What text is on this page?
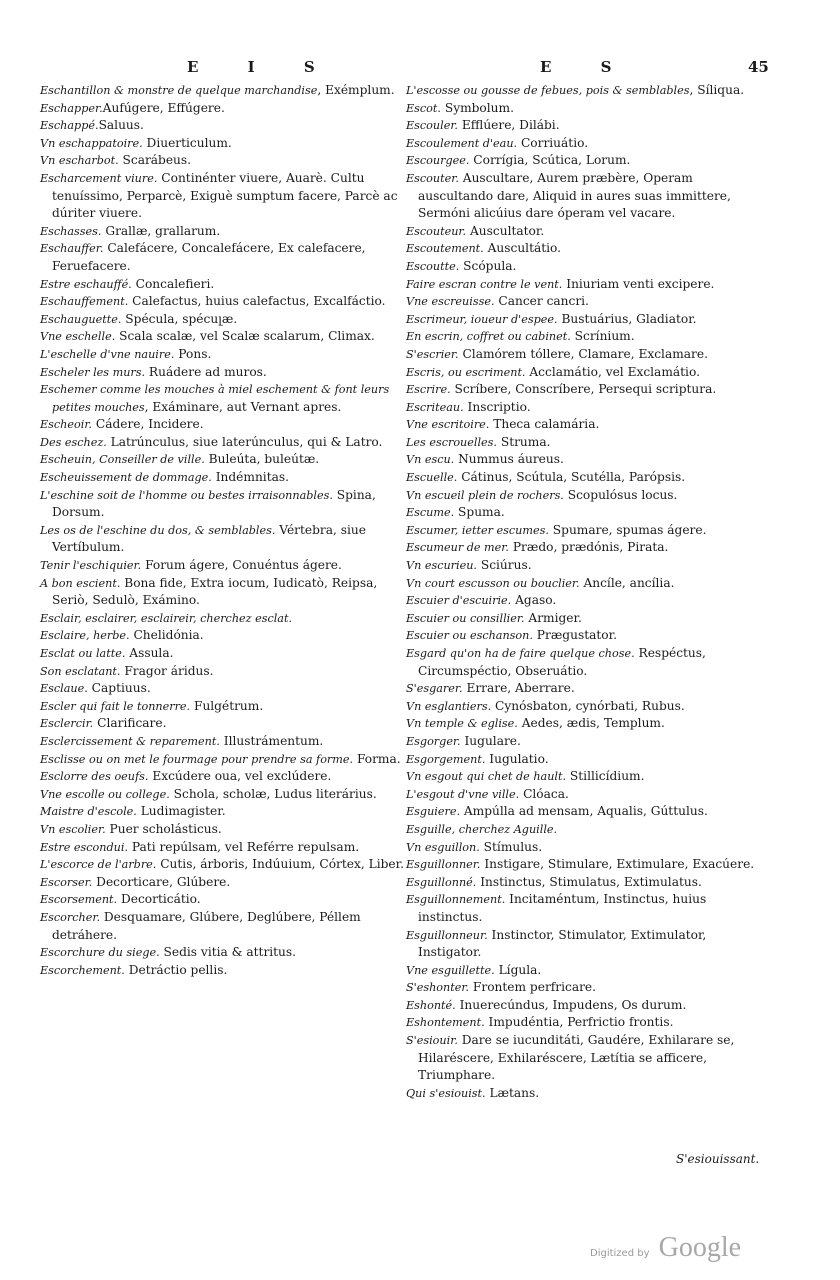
E I S	E S	45
Eschantillon & monstre de quelque marchandise, Exémplum.
Eschapper.Aufúgere, Effúgere.
Eschappé.Saluus.
Vn eschappatoire. Diuerticulum.
Vn escharbot. Scarábeus.
Escharcement viure. Continénter viuere, Auarè. Cultu tenuíssimo, Perparcè, Exiguè sumptum facere, Parcè ac dúriter viuere.
Eschasses. Grallæ, grallarum.
Eschauffer. Calefácere, Concalefácere, Ex calefacere, Feruefacere.
Estre eschauffé. Concalefieri.
Eschauffement. Calefactus, huius calefactus, Excalfáctio.
Eschauguette. Spécula, spécuլæ.
Vne eschelle. Scala scalæ, vel Scalæ scalarum, Climax.
L'eschelle d'vne nauire. Pons.
Escheler les murs. Ruádere ad muros.
Eschemer comme les mouches à miel eschement & font leurs petites mouches, Exáminare, aut Vernant apres.
Escheoir. Cádere, Incidere.
Des eschez. Latrúnculus, siue laterúnculus, qui & Latro.
Escheuin, Conseiller de ville. Buleúta, buleútæ.
Escheuissement de dommage. Indémnitas.
L'eschine soit de l'homme ou bestes irraisonnables. Spina, Dorsum.
Les os de l'eschine du dos, & semblables. Vértebra, siue Vertíbulum.
Tenir l'eschiquier. Forum ágere, Conuéntus ágere.
A bon escient. Bona fide, Extra iocum, Iudicatò, Reipsa, Seriò, Sedulò, Exámino.
Esclair, esclairer, esclaireir, cherchez esclat.
Esclaire, herbe. Chelidónia.
Esclat ou latte. Assula.
Son esclatant. Fragor áridus.
Esclaue. Captiuus.
Escler qui fait le tonnerre. Fulgétrum.
Esclercir. Clarificare.
Esclercissement & reparement. Illustrámentum.
Esclisse ou on met le fourmage pour prendre sa forme. Forma.
Esclorre des oeufs. Excúdere oua, vel exclúdere.
Vne escolle ou college. Schola, scholæ, Ludus literárius.
Maistre d'escole. Ludimagister.
Vn escolier. Puer scholásticus.
Estre escondui. Pati repúlsam, vel Reférre repulsam.
L'escorce de l'arbre. Cutis, árboris, Indúuium, Córtex, Liber.
Escorser. Decorticare, Glúbere.
Escorsement. Decorticátio.
Escorcher. Desquamare, Glúbere, Deglúbere, Péllem detráhere.
Escorchure du siege. Sedis vitia & attritus.
Escorchement. Detráctio pellis.
L'escosse ou gousse de febues, pois & semblables, Síliqua.
Escot. Symbolum.
Escouler. Efflúere, Dilábi.
Escoulement d'eau. Corriuátio.
Escourgee. Corrígia, Scútica, Lorum.
Escouter. Auscultare, Aurem præbère, Operam auscultando dare, Aliquid in aures suas immittere, Sermóni alicúius dare óperam vel vacare.
Escouteur. Auscultator.
Escoutement. Auscultátio.
Escoutte. Scópula.
Faire escran contre le vent. Iniuriam venti excipere.
Vne escreuisse. Cancer cancri.
Escrimeur, ioueur d'espee. Bustuárius, Gladiator.
En escrin, coffret ou cabinet. Scrínium.
S'escrier. Clamórem tóllere, Clamare, Exclamare.
Escris, ou escriment. Acclamátio, vel Exclamátio.
Escrire. Scríbere, Conscríbere, Persequi scriptura.
Escriteau. Inscriptio.
Vne escritoire. Theca calamária.
Les escrouelles. Struma.
Vn escu. Nummus áureus.
Escuelle. Cátinus, Scútula, Scutélla, Parópsis.
Vn escueil plein de rochers. Scopulósus locus.
Escume. Spuma.
Escumer, ietter escumes. Spumare, spumas ágere.
Escumeur de mer. Prædo, prædónis, Pirata.
Vn escurieu. Sciúrus.
Vn court escusson ou bouclier. Ancíle, ancília.
Escuier d'escuirie. Agaso.
Escuier ou consillier. Armiger.
Escuier ou eschanson. Prægustator.
Esgard qu'on ha de faire quelque chose. Respéctus, Circumspéctio, Obseruátio.
S'esgarer. Errare, Aberrare.
Vn esglantiers. Cynósbaton, cynórbati, Rubus.
Vn temple & eglise. Aedes, ædis, Templum.
Esgorger. Iugulare.
Esgorgement. Iugulatio.
Vn esgout qui chet de hault. Stillicídium.
L'esgout d'vne ville. Clóaca.
Esguiere. Ampúlla ad mensam, Aqualis, Gúttulus.
Esguille, cherchez Aguille.
Vn esguillon. Stímulus.
Esguillonner. Instigare, Stimulare, Extimulare, Exacúere.
Esguillonné. Instinctus, Stimulatus, Extimulatus.
Esguillonnement. Incitaméntum, Instinctus, huius instinctus.
Esguillonneur. Instinctor, Stimulator, Extimulator, Instigator.
Vne esguillette. Lígula.
S'eshonter. Frontem perfricare.
Eshonté. Inuerecúndus, Impudens, Os durum.
Eshontement. Impudéntia, Perfrictio frontis.
S'esiouir. Dare se iucunditáti, Gaudére, Exhilarare se, Hilaréscere, Exhilaréscere, Lætítia se afficere, Triumphare.
Qui s'esiouist. Lætans.
S'esiouissant.
Digitized by Google
